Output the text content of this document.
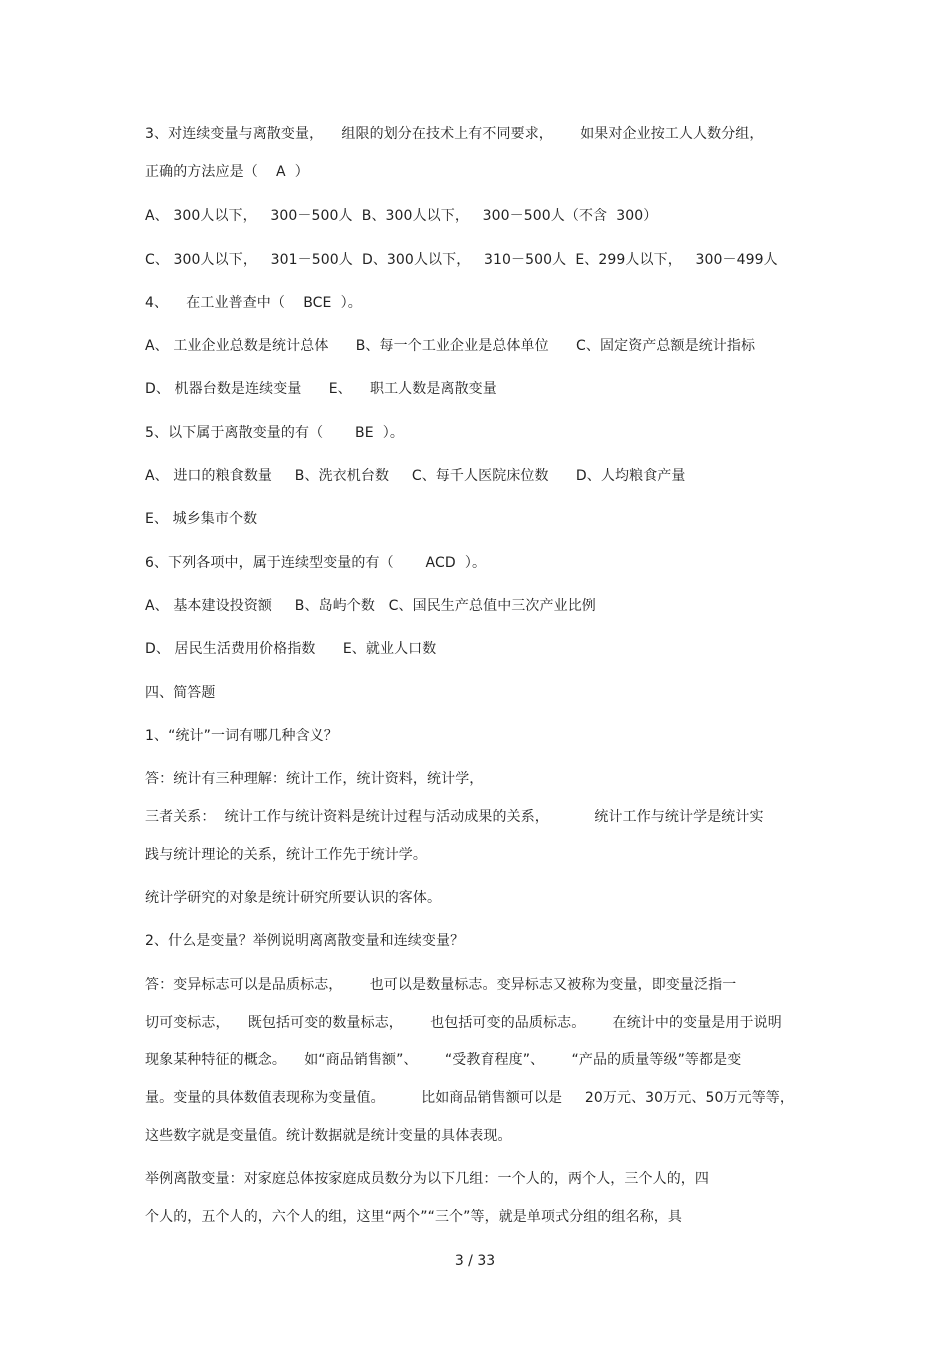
3、对连续变量与离散变量，    组限的划分在技术上有不同要求，      如果对企业按工人人数分组，
正确的方法应是（    A  ）
A、 300人以下，   300－500人  B、300人以下，   300－500人（不含  300）
C、 300人以下，   301－500人  D、300人以下，   310－500人  E、299人以下，   300－499人
4、    在工业普查中（    BCE  ）。
A、 工业企业总数是统计总体      B、每一个工业企业是总体单位      C、固定资产总额是统计指标
D、 机器台数是连续变量      E、    职工人数是离散变量
5、以下属于离散变量的有（       BE  ）。
A、 进口的粮食数量     B、洗衣机台数     C、每千人医院床位数      D、人均粮食产量
E、 城乡集市个数
6、下列各项中，属于连续型变量的有（       ACD  ）。
A、 基本建设投资额     B、岛屿个数   C、国民生产总值中三次产业比例
D、 居民生活费用价格指数      E、就业人口数
四、简答题
1、“统计”一词有哪几种含义？
答：统计有三种理解：统计工作，统计资料，统计学，
三者关系：  统计工作与统计资料是统计过程与活动成果的关系，          统计工作与统计学是统计实
践与统计理论的关系，统计工作先于统计学。
统计学研究的对象是统计研究所要认识的客体。
2、什么是变量？举例说明离离散变量和连续变量？
答：变异标志可以是品质标志，      也可以是数量标志。变异标志又被称为变量，即变量泛指一
切可变标志，    既包括可变的数量标志，      也包括可变的品质标志。      在统计中的变量是用于说明
现象某种特征的概念。    如“商品销售额”、      “受教育程度”、      “产品的质量等级”等都是变
量。变量的具体数值表现称为变量值。        比如商品销售额可以是     20万元、30万元、50万元等等，
这些数字就是变量值。统计数据就是统计变量的具体表现。
举例离散变量：对家庭总体按家庭成员数分为以下几组：一个人的，两个人，三个人的，四
个人的，五个人的，六个人的组，这里“两个”“三个”等，就是单项式分组的组名称，具
3 / 33
